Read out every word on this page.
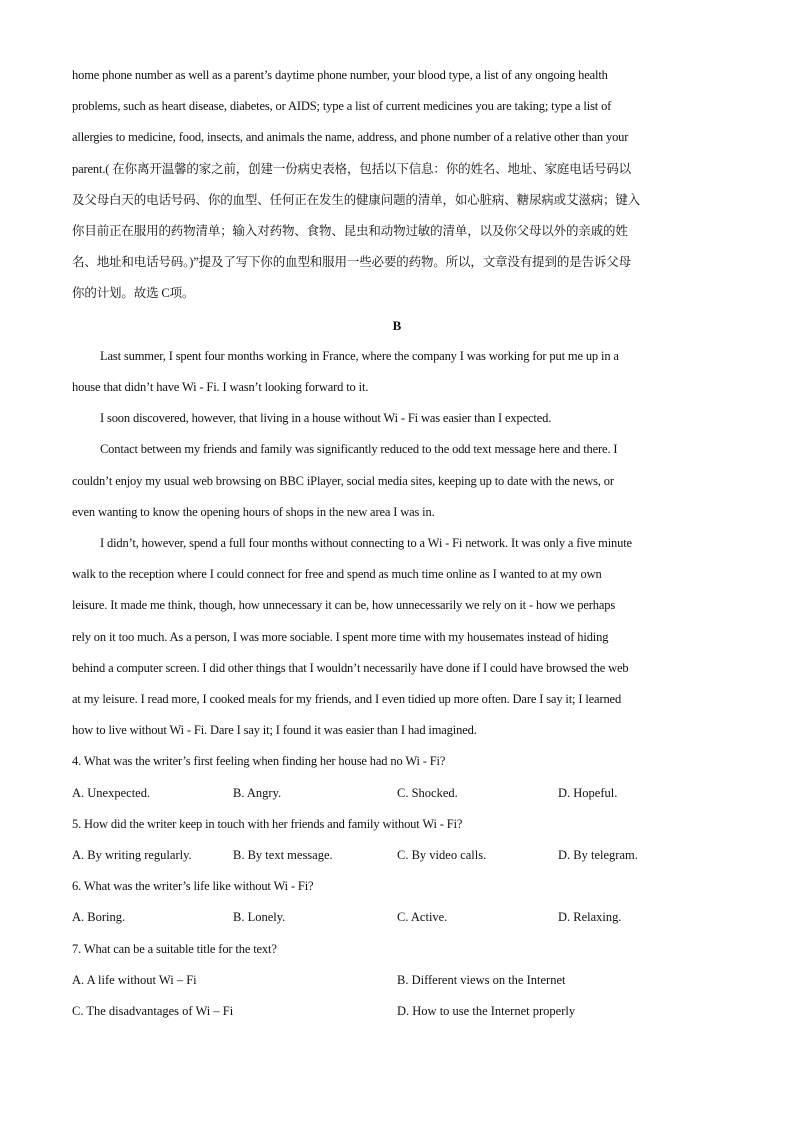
home phone number as well as a parent’s daytime phone number, your blood type, a list of any ongoing health
problems, such as heart disease, diabetes, or AIDS; type a list of current medicines you are taking; type a list of
allergies to medicine, food, insects, and animals the name, address, and phone number of a relative other than your
parent.( 在你离开温馨的家之前，创建一份病史表格，包括以下信息：你的姓名、地址、家庭电话号码以
及父母白天的电话号码、你的血型、任何正在发生的健康问题的清单，如心脏病、糖尿病或艾滋病；键入
你目前正在服用的药物清单；输入对药物、食物、昆虫和动物过敏的清单，以及你父母以外的亲戚的姓
名、地址和电话号码。)”提及了写下你的血型和服用一些必要的药物。所以，文章没有提到的是告诉父母
你的计划。故选 C项。
B
Last summer, I spent four months working in France, where the company I was working for put me up in a
house that didn’t have Wi - Fi. I wasn’t looking forward to it.
I soon discovered, however, that living in a house without Wi - Fi was easier than I expected.
Contact between my friends and family was significantly reduced to the odd text message here and there. I
couldn’t enjoy my usual web browsing on BBC iPlayer, social media sites, keeping up to date with the news, or
even wanting to know the opening hours of shops in the new area I was in.
I didn’t, however, spend a full four months without connecting to a Wi - Fi network. It was only a five minute
walk to the reception where I could connect for free and spend as much time online as I wanted to at my own
leisure. It made me think, though, how unnecessary it can be, how unnecessarily we rely on it - how we perhaps
rely on it too much. As a person, I was more sociable. I spent more time with my housemates instead of hiding
behind a computer screen. I did other things that I wouldn’t necessarily have done if I could have browsed the web
at my leisure. I read more, I cooked meals for my friends, and I even tidied up more often. Dare I say it; I learned
how to live without Wi - Fi. Dare I say it; I found it was easier than I had imagined.
4. What was the writer’s first feeling when finding her house had no Wi - Fi?
A. Unexpected.	B. Angry.	C. Shocked.	D. Hopeful.
5. How did the writer keep in touch with her friends and family without Wi - Fi?
A. By writing regularly.	B. By text message.	C. By video calls.	D. By telegram.
6. What was the writer’s life like without Wi - Fi?
A. Boring.	B. Lonely.	C. Active.	D. Relaxing.
7. What can be a suitable title for the text?
A. A life without Wi – Fi	B. Different views on the Internet
C. The disadvantages of Wi – Fi	D. How to use the Internet properly
